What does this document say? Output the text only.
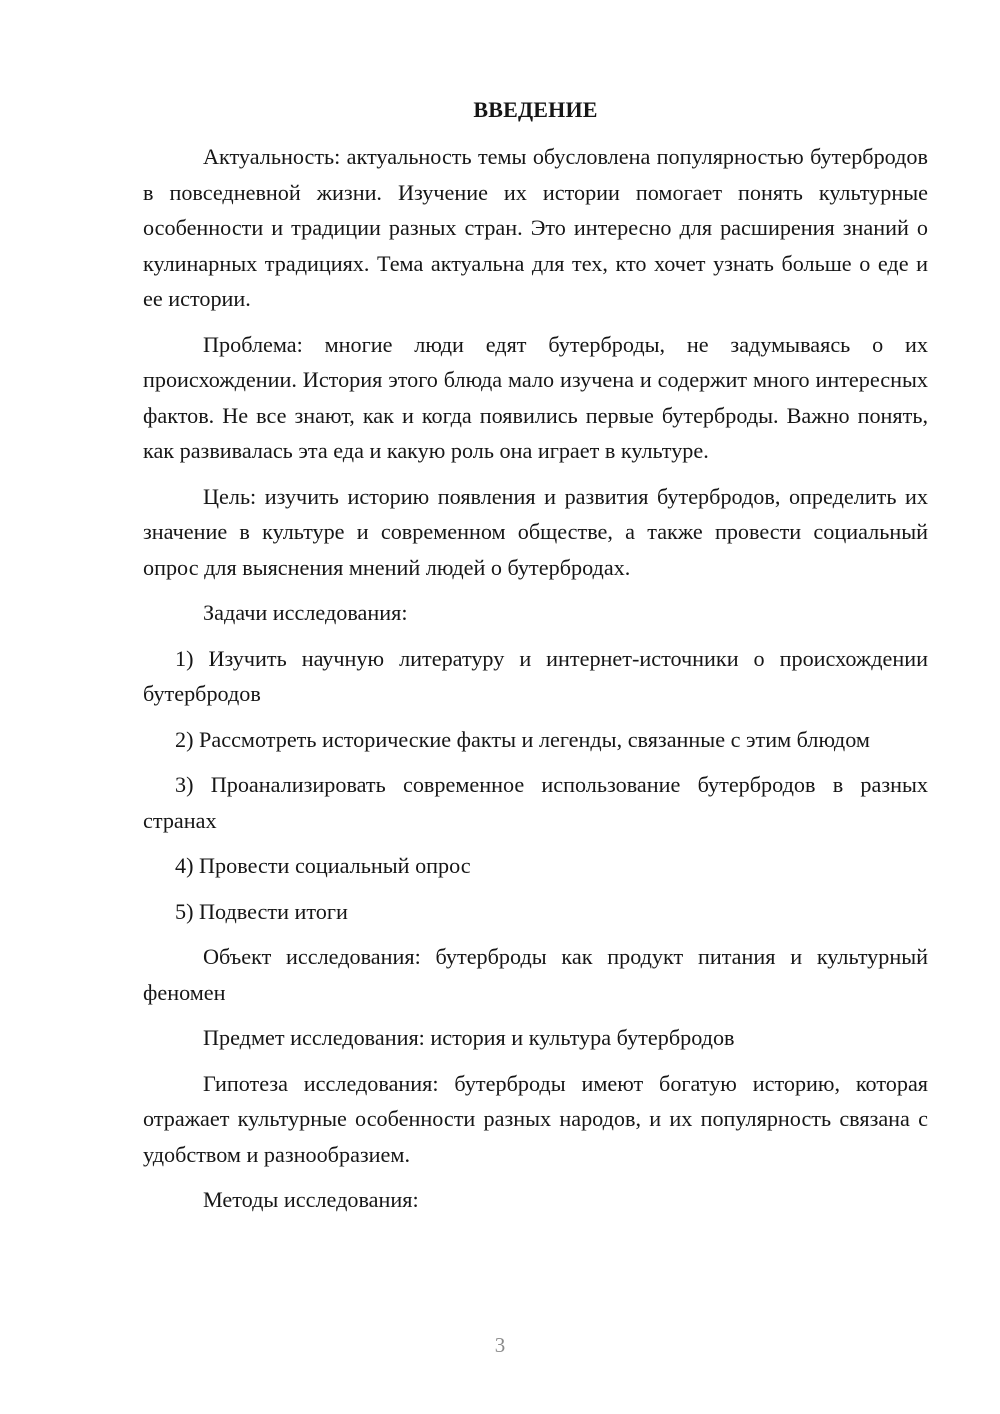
ВВЕДЕНИЕ

Актуальность: актуальность темы обусловлена популярностью бутербродов в повседневной жизни. Изучение их истории помогает понять культурные особенности и традиции разных стран. Это интересно для расширения знаний о кулинарных традициях. Тема актуальна для тех, кто хочет узнать больше о еде и ее истории.

Проблема: многие люди едят бутерброды, не задумываясь о их происхождении. История этого блюда мало изучена и содержит много интересных фактов. Не все знают, как и когда появились первые бутерброды. Важно понять, как развивалась эта еда и какую роль она играет в культуре.

Цель: изучить историю появления и развития бутербродов, определить их значение в культуре и современном обществе, а также провести социальный опрос для выяснения мнений людей о бутербродах.

Задачи исследования:

1) Изучить научную литературу и интернет-источники о происхождении бутербродов

2) Рассмотреть исторические факты и легенды, связанные с этим блюдом

3) Проанализировать современное использование бутербродов в разных странах

4) Провести социальный опрос

5) Подвести итоги

Объект исследования: бутерброды как продукт питания и культурный феномен

Предмет исследования: история и культура бутербродов

Гипотеза исследования: бутерброды имеют богатую историю, которая отражает культурные особенности разных народов, и их популярность связана с удобством и разнообразием.

Методы исследования:

3
